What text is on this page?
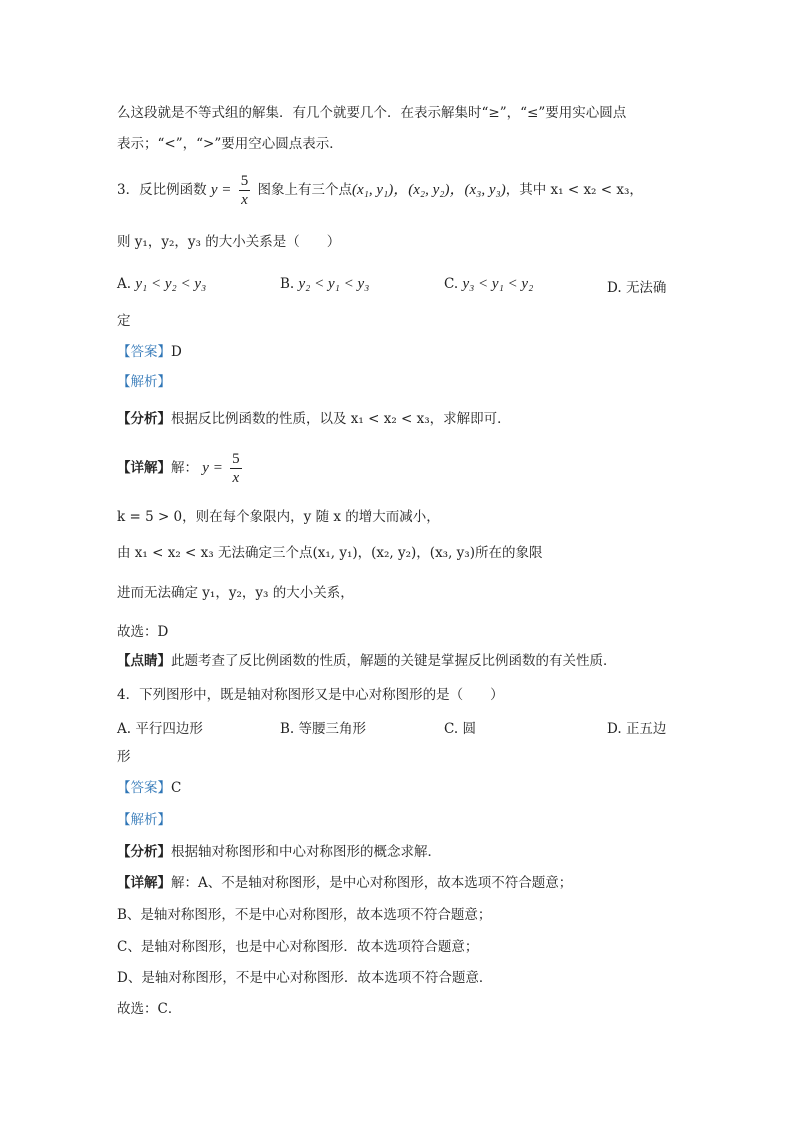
么这段就是不等式组的解集．有几个就要几个．在表示解集时“≥”，“≤”要用实心圆点
表示；“<”，“>”要用空心圆点表示．
3．反比例函数 $y = \frac{5}{x}$ 图象上有三个点(x₁, y₁)，(x₂, y₂)，(x₃, y₃)，其中 x₁ < x₂ < x₃，
则 y₁，y₂，y₃ 的大小关系是（　　）
A. y₁ < y₂ < y₃	B. y₂ < y₁ < y₃	C. y₃ < y₁ < y₂	D. 无法确
定
【答案】D
【解析】
【分析】根据反比例函数的性质，以及 x₁ < x₂ < x₃，求解即可．
【详解】解： $y = \frac{5}{x}$
k = 5 > 0，则在每个象限内，y 随 x 的增大而减小，
由 x₁ < x₂ < x₃ 无法确定三个点(x₁, y₁)，(x₂, y₂)，(x₃, y₃)所在的象限
进而无法确定 y₁，y₂，y₃ 的大小关系，
故选：D
【点睛】此题考查了反比例函数的性质，解题的关键是掌握反比例函数的有关性质．
4．下列图形中，既是轴对称图形又是中心对称图形的是（　　）
A. 平行四边形	B. 等腰三角形	C. 圆	D. 正五边
形
【答案】C
【解析】
【分析】根据轴对称图形和中心对称图形的概念求解．
【详解】解：A、不是轴对称图形，是中心对称图形，故本选项不符合题意；
B、是轴对称图形，不是中心对称图形，故本选项不符合题意；
C、是轴对称图形，也是中心对称图形．故本选项符合题意；
D、是轴对称图形，不是中心对称图形．故本选项不符合题意．
故选：C．
